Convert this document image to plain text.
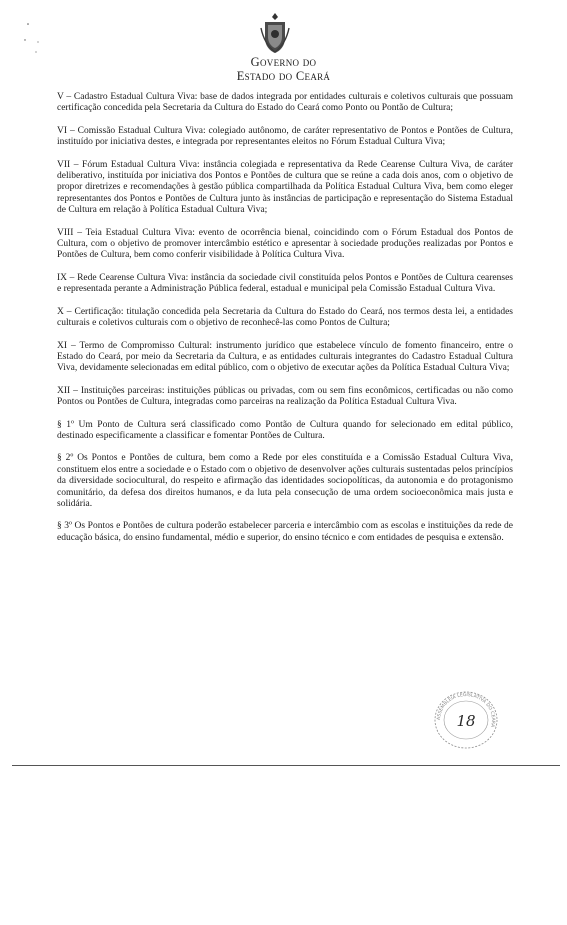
Governo do
Estado do Ceará

V – Cadastro Estadual Cultura Viva: base de dados integrada por entidades culturais e coletivos culturais que possuam certificação concedida pela Secretaria da Cultura do Estado do Ceará como Ponto ou Pontão de Cultura;

VI – Comissão Estadual Cultura Viva: colegiado autônomo, de caráter representativo de Pontos e Pontões de Cultura, instituído por iniciativa destes, e integrada por representantes eleitos no Fórum Estadual Cultura Viva;

VII – Fórum Estadual Cultura Viva: instância colegiada e representativa da Rede Cearense Cultura Viva, de caráter deliberativo, instituída por iniciativa dos Pontos e Pontões de cultura que se reúne a cada dois anos, com o objetivo de propor diretrizes e recomendações à gestão pública compartilhada da Política Estadual Cultura Viva, bem como eleger representantes dos Pontos e Pontões de Cultura junto às instâncias de participação e representação do Sistema Estadual de Cultura em relação à Política Estadual Cultura Viva;

VIII – Teia Estadual Cultura Viva: evento de ocorrência bienal, coincidindo com o Fórum Estadual dos Pontos de Cultura, com o objetivo de promover intercâmbio estético e apresentar à sociedade produções realizadas por Pontos e Pontões de Cultura, bem como conferir visibilidade à Política Cultura Viva.

IX – Rede Cearense Cultura Viva: instância da sociedade civil constituída pelos Pontos e Pontões de Cultura cearenses e representada perante a Administração Pública federal, estadual e municipal pela Comissão Estadual Cultura Viva.

X – Certificação: titulação concedida pela Secretaria da Cultura do Estado do Ceará, nos termos desta lei, a entidades culturais e coletivos culturais com o objetivo de reconhecê-las como Pontos de Cultura;

XI – Termo de Compromisso Cultural: instrumento jurídico que estabelece vínculo de fomento financeiro, entre o Estado do Ceará, por meio da Secretaria da Cultura, e as entidades culturais integrantes do Cadastro Estadual Cultura Viva, devidamente selecionadas em edital público, com o objetivo de executar ações da Política Estadual Cultura Viva;

XII – Instituições parceiras: instituições públicas ou privadas, com ou sem fins econômicos, certificadas ou não como Pontos ou Pontões de Cultura, integradas como parceiras na realização da Política Estadual Cultura Viva.

§ 1º Um Ponto de Cultura será classificado como Pontão de Cultura quando for selecionado em edital público, destinado especificamente a classificar e fomentar Pontões de Cultura.

§ 2º Os Pontos e Pontões de cultura, bem como a Rede por eles constituída e a Comissão Estadual Cultura Viva, constituem elos entre a sociedade e o Estado com o objetivo de desenvolver ações culturais sustentadas pelos princípios da diversidade sociocultural, do respeito e afirmação das identidades sociopolíticas, da autonomia e do protagonismo comunitário, da defesa dos direitos humanos, e da luta pela consecução de uma ordem socioeconômica mais justa e solidária.

§ 3º Os Pontos e Pontões de cultura poderão estabelecer parceria e intercâmbio com as escolas e instituições da rede de educação básica, do ensino fundamental, médio e superior, do ensino técnico e com entidades de pesquisa e extensão.

ASSEMBLEIA LEGISLATIVA DO CEARÁ
18
